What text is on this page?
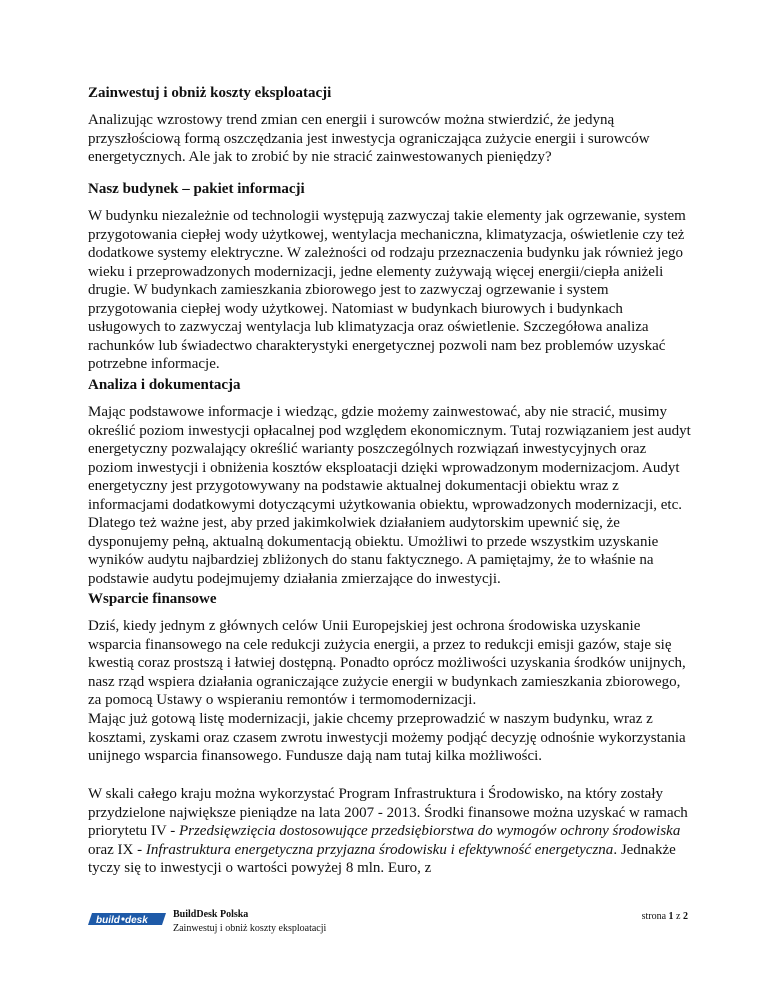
Zainwestuj i obniż koszty eksploatacji

Analizując wzrostowy trend zmian cen energii i surowców można stwierdzić, że jedyną przyszłościową formą oszczędzania jest inwestycja ograniczająca zużycie energii i surowców energetycznych. Ale jak to zrobić by nie stracić zainwestowanych pieniędzy?

Nasz budynek – pakiet informacji

W budynku niezależnie od technologii występują zazwyczaj takie elementy jak ogrzewanie, system przygotowania ciepłej wody użytkowej, wentylacja mechaniczna, klimatyzacja, oświetlenie czy też dodatkowe systemy elektryczne. W zależności od rodzaju przeznaczenia budynku jak również jego wieku i przeprowadzonych modernizacji, jedne elementy zużywają więcej energii/ciepła aniżeli drugie. W budynkach zamieszkania zbiorowego jest to zazwyczaj ogrzewanie i system przygotowania ciepłej wody użytkowej. Natomiast w budynkach biurowych i budynkach usługowych to zazwyczaj wentylacja lub klimatyzacja oraz oświetlenie. Szczegółowa analiza rachunków lub świadectwo charakterystyki energetycznej pozwoli nam bez problemów uzyskać potrzebne informacje.

Analiza i dokumentacja

Mając podstawowe informacje i wiedząc, gdzie możemy zainwestować, aby nie stracić, musimy określić poziom inwestycji opłacalnej pod względem ekonomicznym. Tutaj rozwiązaniem jest audyt energetyczny pozwalający określić warianty poszczególnych rozwiązań inwestycyjnych oraz poziom inwestycji i obniżenia kosztów eksploatacji dzięki wprowadzonym modernizacjom. Audyt energetyczny jest przygotowywany na podstawie aktualnej dokumentacji obiektu wraz z informacjami dodatkowymi dotyczącymi użytkowania obiektu, wprowadzonych modernizacji, etc. Dlatego też ważne jest, aby przed jakimkolwiek działaniem audytorskim upewnić się, że dysponujemy pełną, aktualną dokumentacją obiektu. Umożliwi to przede wszystkim uzyskanie wyników audytu najbardziej zbliżonych do stanu faktycznego. A pamiętajmy, że to właśnie na podstawie audytu podejmujemy działania zmierzające do inwestycji.

Wsparcie finansowe

Dziś, kiedy jednym z głównych celów Unii Europejskiej jest ochrona środowiska uzyskanie wsparcia finansowego na cele redukcji zużycia energii, a przez to redukcji emisji gazów, staje się kwestią coraz prostszą i łatwiej dostępną. Ponadto oprócz możliwości uzyskania środków unijnych, nasz rząd wspiera działania ograniczające zużycie energii w budynkach zamieszkania zbiorowego, za pomocą Ustawy o wspieraniu remontów i termomodernizacji.

Mając już gotową listę modernizacji, jakie chcemy przeprowadzić w naszym budynku, wraz z kosztami, zyskami oraz czasem zwrotu inwestycji możemy podjąć decyzję odnośnie wykorzystania unijnego wsparcia finansowego. Fundusze dają nam tutaj kilka możliwości.

W skali całego kraju można wykorzystać Program Infrastruktura i Środowisko, na który zostały przydzielone największe pieniądze na lata 2007 - 2013. Środki finansowe można uzyskać w ramach priorytetu IV - Przedsięwzięcia dostosowujące przedsiębiorstwa do wymogów ochrony środowiska oraz IX - Infrastruktura energetyczna przyjazna środowisku i efektywność energetyczna. Jednakże tyczy się to inwestycji o wartości powyżej 8 mln. Euro, z

build desk
BuildDesk Polska
Zainwestuj i obniż koszty eksploatacji
strona 1 z 2
